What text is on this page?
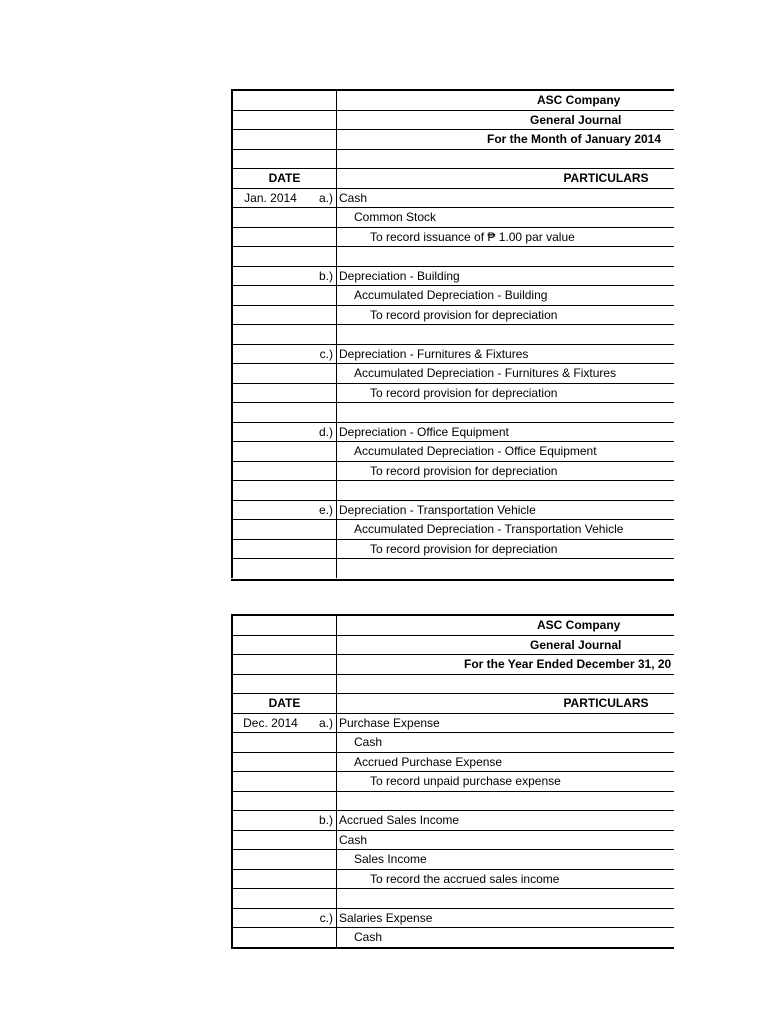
	ASC Company
	General Journal
	For the Month of January 2014

DATE	PARTICULARS
Jan. 2014 a.)	Cash
	Common Stock
	To record issuance of ₱ 1.00 par value

b.)	Depreciation - Building
	Accumulated Depreciation - Building
	To record provision for depreciation

c.)	Depreciation - Furnitures & Fixtures
	Accumulated Depreciation - Furnitures & Fixtures
	To record provision for depreciation

d.)	Depreciation - Office Equipment
	Accumulated Depreciation - Office Equipment
	To record provision for depreciation

e.)	Depreciation - Transportation Vehicle
	Accumulated Depreciation - Transportation Vehicle
	To record provision for depreciation

	ASC Company
	General Journal
	For the Year Ended December 31, 20

DATE	PARTICULARS
Dec. 2014 a.)	Purchase Expense
	Cash
	Accrued Purchase Expense
	To record unpaid purchase expense

b.)	Accrued Sales Income
	Cash
	Sales Income
	To record the accrued sales income

c.)	Salaries Expense
	Cash
